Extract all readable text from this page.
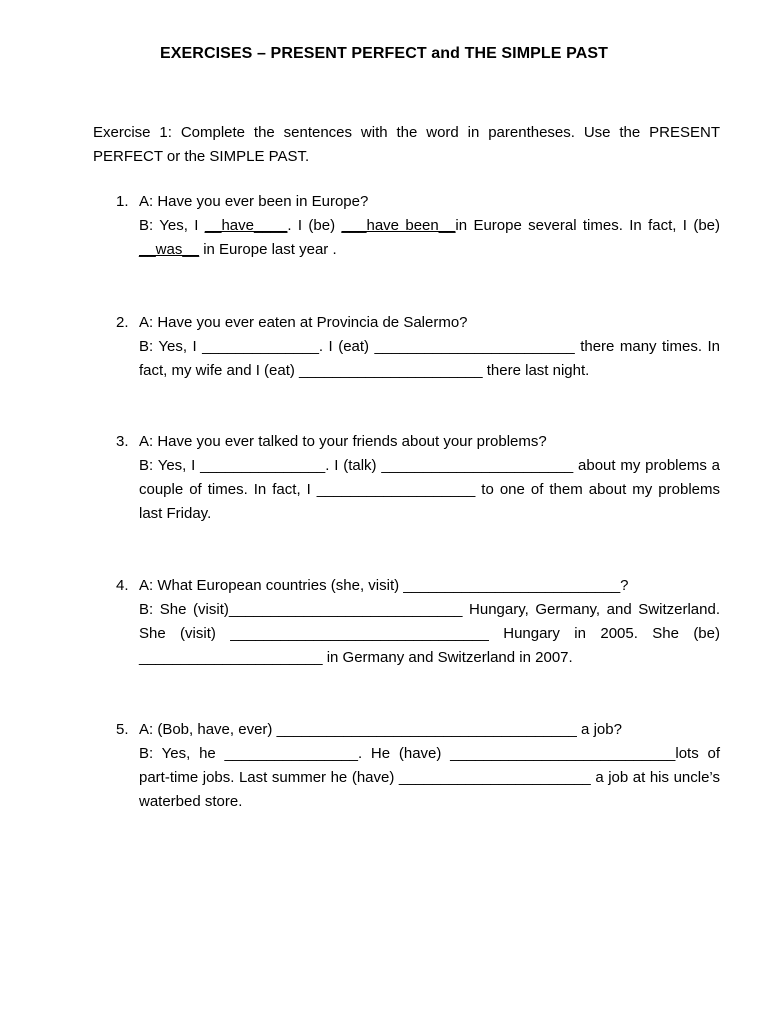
EXERCISES – PRESENT PERFECT and THE SIMPLE PAST
Exercise 1: Complete the sentences with the word in parentheses. Use the PRESENT PERFECT or the SIMPLE PAST.
1. A: Have you ever been in Europe?
B: Yes, I __have____. I (be) ___have been__in Europe several times. In fact, I (be) __was__ in Europe last year .
2. A: Have you ever eaten at Provincia de Salermo?
B: Yes, I ______________. I (eat) ________________________ there many times. In fact, my wife and I (eat) ______________________ there last night.
3. A: Have you ever talked to your friends about your problems?
B: Yes, I _______________. I (talk) _______________________ about my problems a couple of times. In fact, I ___________________ to one of them about my problems last Friday.
4. A: What European countries (she, visit) __________________________?
B: She (visit)____________________________ Hungary, Germany, and Switzerland. She (visit) _______________________________ Hungary in 2005. She (be) ______________________ in Germany and Switzerland in 2007.
5. A: (Bob, have, ever) ____________________________________ a job?
B: Yes, he ________________. He (have) ___________________________lots of part-time jobs. Last summer he (have) _______________________ a job at his uncle’s waterbed store.
